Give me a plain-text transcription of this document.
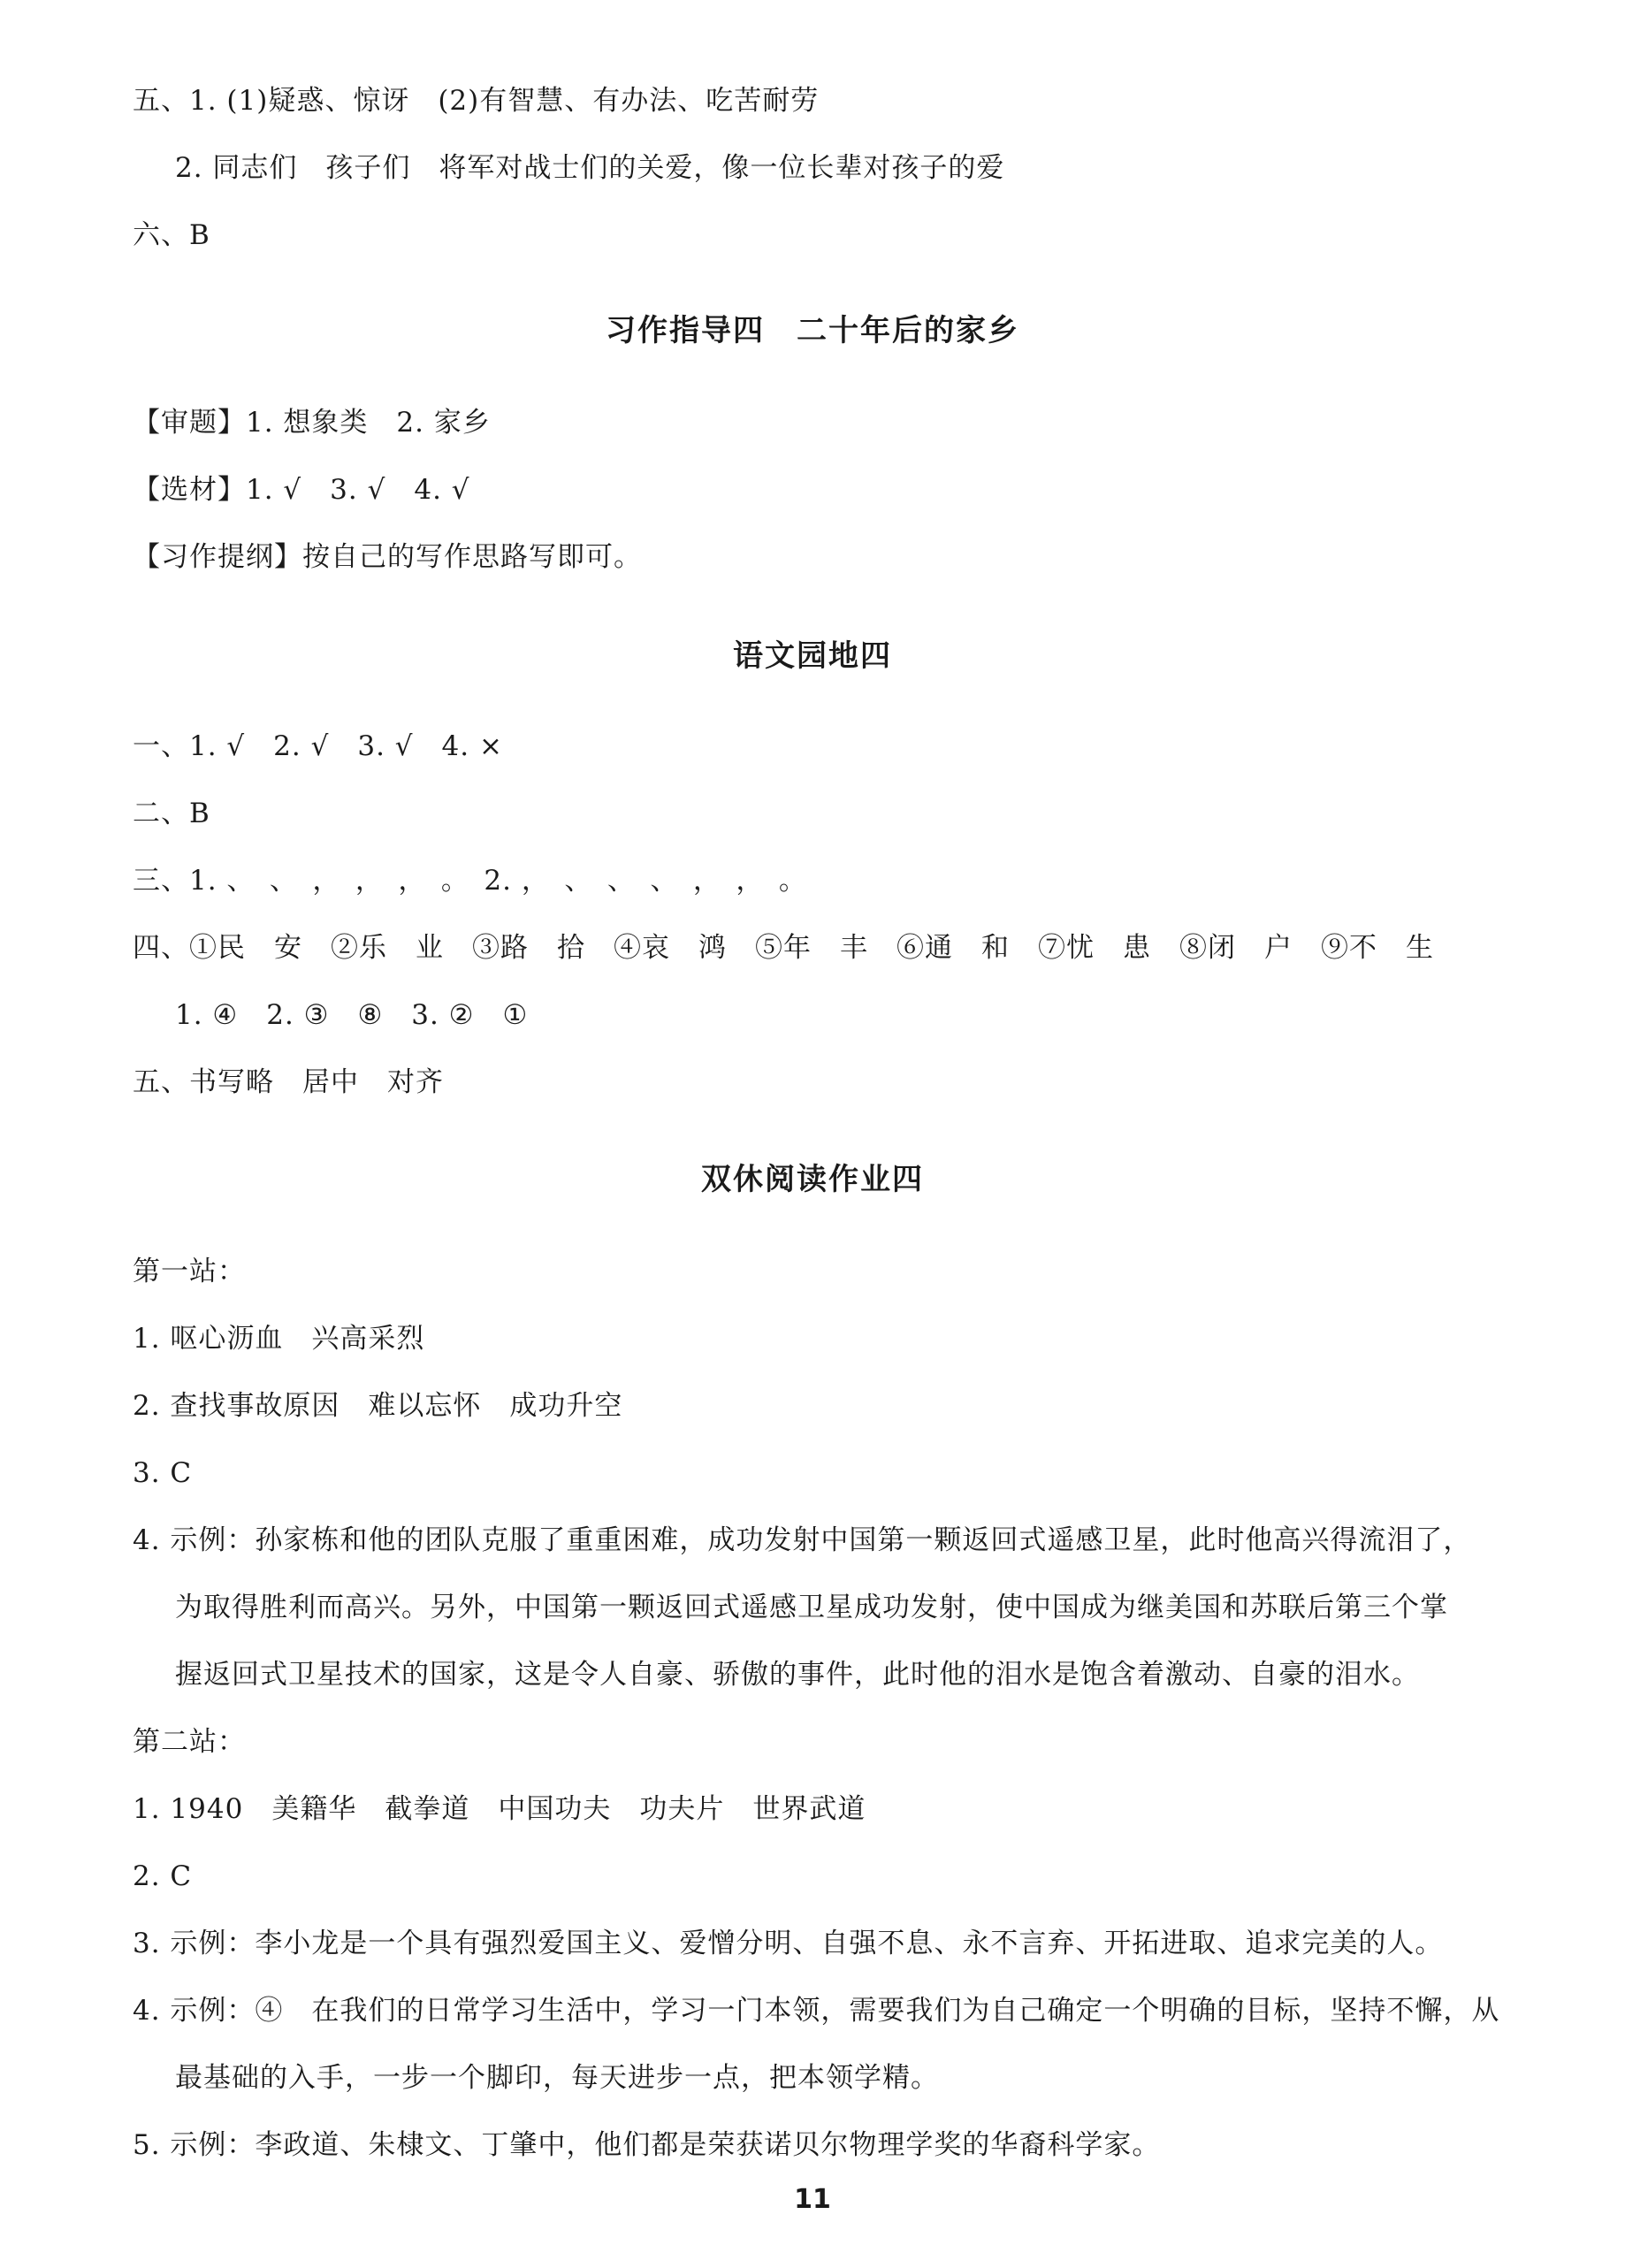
五、1. (1)疑惑、惊讶　(2)有智慧、有办法、吃苦耐劳
2. 同志们　孩子们　将军对战士们的关爱，像一位长辈对孩子的爱
六、B
习作指导四　二十年后的家乡
【审题】1. 想象类　2. 家乡
【选材】1. √　3. √　4. √
【习作提纲】按自己的写作思路写即可。
语文园地四
一、1. √　2. √　3. √　4. ×
二、B
三、1. 、　、　，　，　，　。　2. ，　、　、　、　，　，　。
四、①民　安　②乐　业　③路　拾　④哀　鸿　⑤年　丰　⑥通　和　⑦忧　患　⑧闭　户　⑨不　生
1. ④　2. ③　⑧　3. ②　①
五、书写略　居中　对齐
双休阅读作业四
第一站：
1. 呕心沥血　兴高采烈
2. 查找事故原因　难以忘怀　成功升空
3. C
4. 示例：孙家栋和他的团队克服了重重困难，成功发射中国第一颗返回式遥感卫星，此时他高兴得流泪了，
为取得胜利而高兴。另外，中国第一颗返回式遥感卫星成功发射，使中国成为继美国和苏联后第三个掌
握返回式卫星技术的国家，这是令人自豪、骄傲的事件，此时他的泪水是饱含着激动、自豪的泪水。
第二站：
1. 1940　美籍华　截拳道　中国功夫　功夫片　世界武道
2. C
3. 示例：李小龙是一个具有强烈爱国主义、爱憎分明、自强不息、永不言弃、开拓进取、追求完美的人。
4. 示例：④　在我们的日常学习生活中，学习一门本领，需要我们为自己确定一个明确的目标，坚持不懈，从
最基础的入手，一步一个脚印，每天进步一点，把本领学精。
5. 示例：李政道、朱棣文、丁肇中，他们都是荣获诺贝尔物理学奖的华裔科学家。
11
